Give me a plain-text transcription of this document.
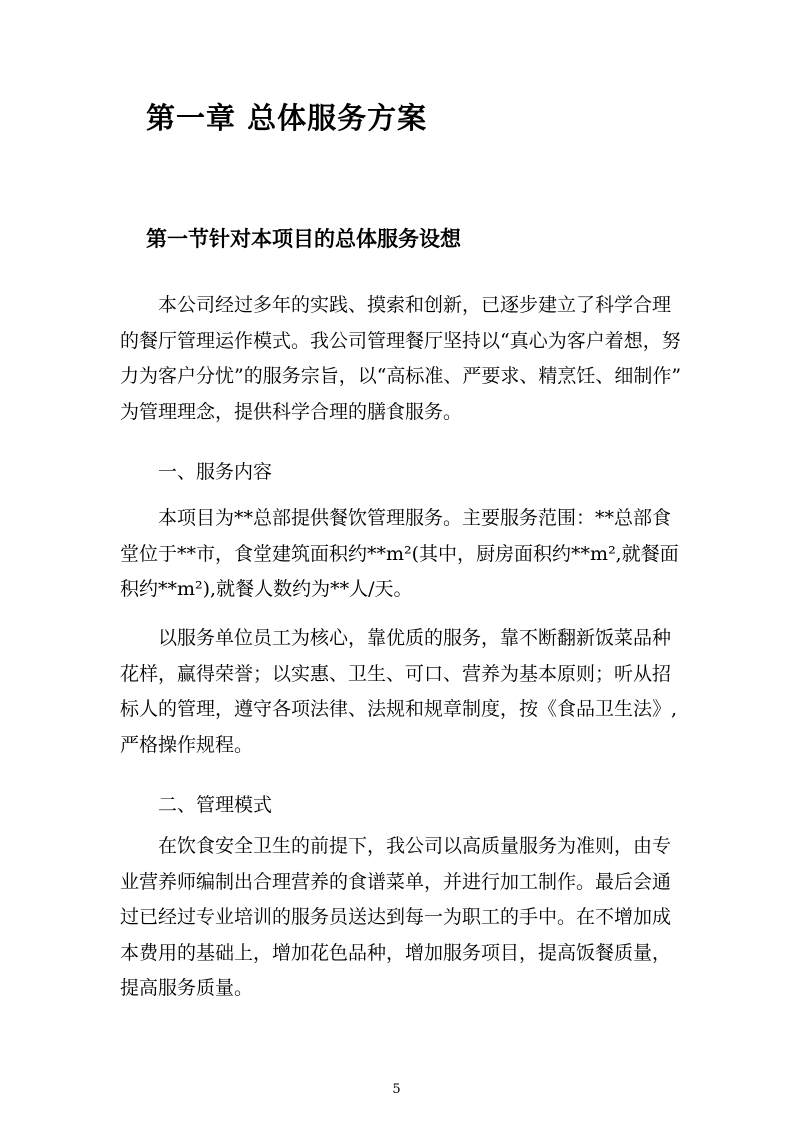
第一章 总体服务方案
第一节针对本项目的总体服务设想

本公司经过多年的实践、摸索和创新，已逐步建立了科学合理
的餐厅管理运作模式。我公司管理餐厅坚持以“真心为客户着想，努
力为客户分忧”的服务宗旨，以“高标准、严要求、精烹饪、细制作”
为管理理念，提供科学合理的膳食服务。

一、服务内容

本项目为**总部提供餐饮管理服务。主要服务范围：**总部食
堂位于**市，食堂建筑面积约**m²(其中，厨房面积约**m²,就餐面
积约**m²),就餐人数约为**人/天。

以服务单位员工为核心，靠优质的服务，靠不断翻新饭菜品种
花样，赢得荣誉；以实惠、卫生、可口、营养为基本原则；听从招
标人的管理，遵守各项法律、法规和规章制度，按《食品卫生法》,
严格操作规程。

二、管理模式

在饮食安全卫生的前提下，我公司以高质量服务为准则，由专
业营养师编制出合理营养的食谱菜单，并进行加工制作。最后会通
过已经过专业培训的服务员送达到每一为职工的手中。在不增加成
本费用的基础上，增加花色品种，增加服务项目，提高饭餐质量，
提高服务质量。

5
